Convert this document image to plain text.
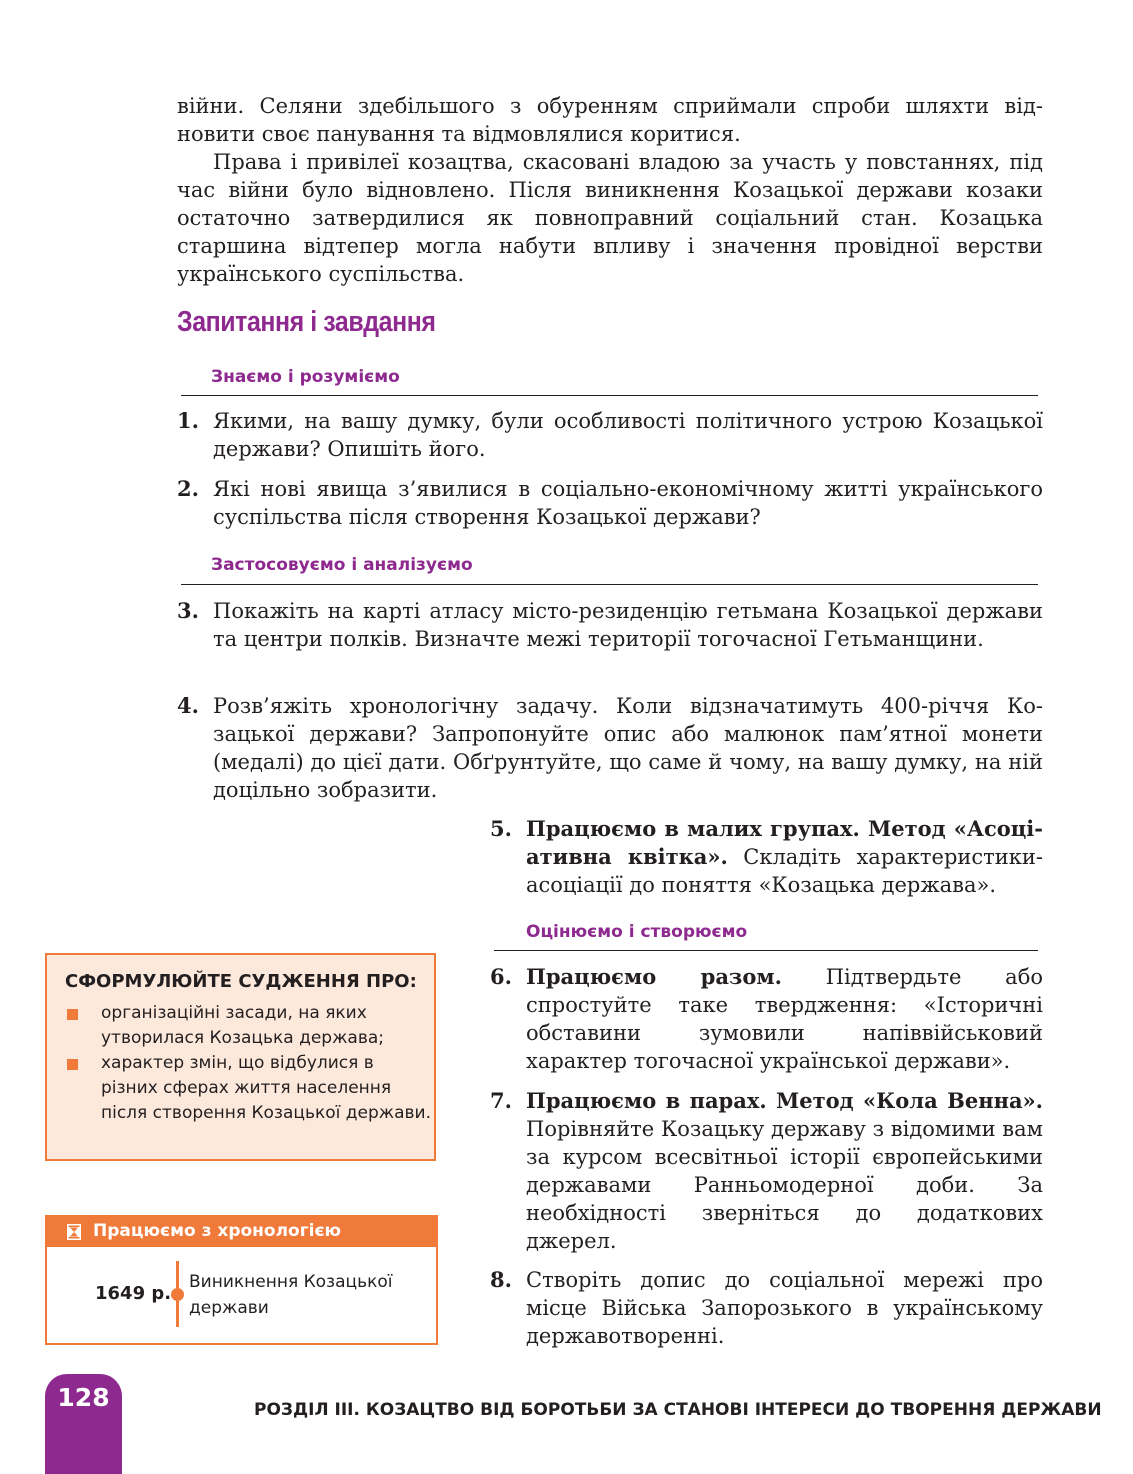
війни. Селяни здебільшого з обуренням сприймали спроби шляхти відновити своє панування та відмовлялися коритися.

Права і привілеї козацтва, скасовані владою за участь у повстаннях, під час війни було відновлено. Після виникнення Козацької держави козаки остаточно затвердилися як повноправний соціальний стан. Козацька старшина відтепер могла набути впливу і значення провідної верстви українського суспільства.

Запитання і завдання
Знаємо і розуміємо
1. Якими, на вашу думку, були особливості політичного устрою Козацької держави? Опишіть його.

2. Які нові явища з’явилися в соціально-економічному житті українського суспільства після створення Козацької держави?

Застосовуємо і аналізуємо
3. Покажіть на карті атласу місто-резиденцію гетьмана Козацької держави та центри полків. Визначте межі території тогочасної Гетьманщини.

4. Розв’яжіть хронологічну задачу. Коли відзначатимуть 400-річчя Козацької держави? Запропонуйте опис або малюнок пам’ятної монети (медалі) до цієї дати. Обґрунтуйте, що саме й чому, на вашу думку, на ній доцільно зобразити.

5. Працюємо в малих групах. Метод «Асоціативна квітка». Складіть характеристики-асоціації до поняття «Козацька держава».

Оцінюємо і створюємо
6. Працюємо разом. Підтвердьте або спростуйте таке твердження: «Історичні обставини зумовили напіввійськовий характер тогочасної української держави».

7. Працюємо в парах. Метод «Кола Венна». Порівняйте Козацьку державу з відомими вам за курсом всесвітньої історії європейськими державами Ранньомодерної доби. За необхідності зверніться до додаткових джерел.

8. Створіть допис до соціальної мережі про місце Війська Запорозького в українському державотворенні.

СФОРМУЛЮЙТЕ СУДЖЕННЯ ПРО:

організаційні засади, на яких утворилася Козацька держава;

характер змін, що відбулися в різних сферах життя населення після створення Козацької держави.

Працюємо з хронологією
1649 р.

Виникнення Козацької держави

128	РОЗДІЛ ІІІ. КОЗАЦТВО ВІД БОРОТЬБИ ЗА СТАНОВІ ІНТЕРЕСИ ДО ТВОРЕННЯ ДЕРЖАВИ
